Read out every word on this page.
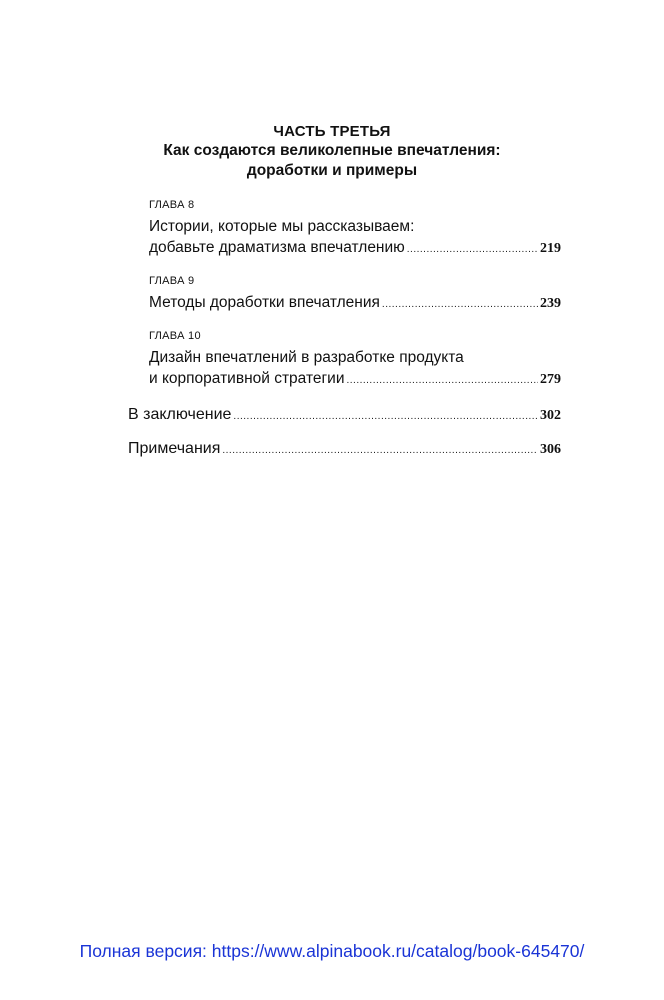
ЧАСТЬ ТРЕТЬЯ
Как создаются великолепные впечатления:
доработки и примеры
ГЛАВА 8
Истории, которые мы рассказываем:
добавьте драматизма впечатлению .....	219
ГЛАВА 9
Методы доработки впечатления .....	239
ГЛАВА 10
Дизайн впечатлений в разработке продукта
и корпоративной стратегии .....	279
В заключение .....	302
Примечания .....	306
Полная версия: https://www.alpinabook.ru/catalog/book-645470/
